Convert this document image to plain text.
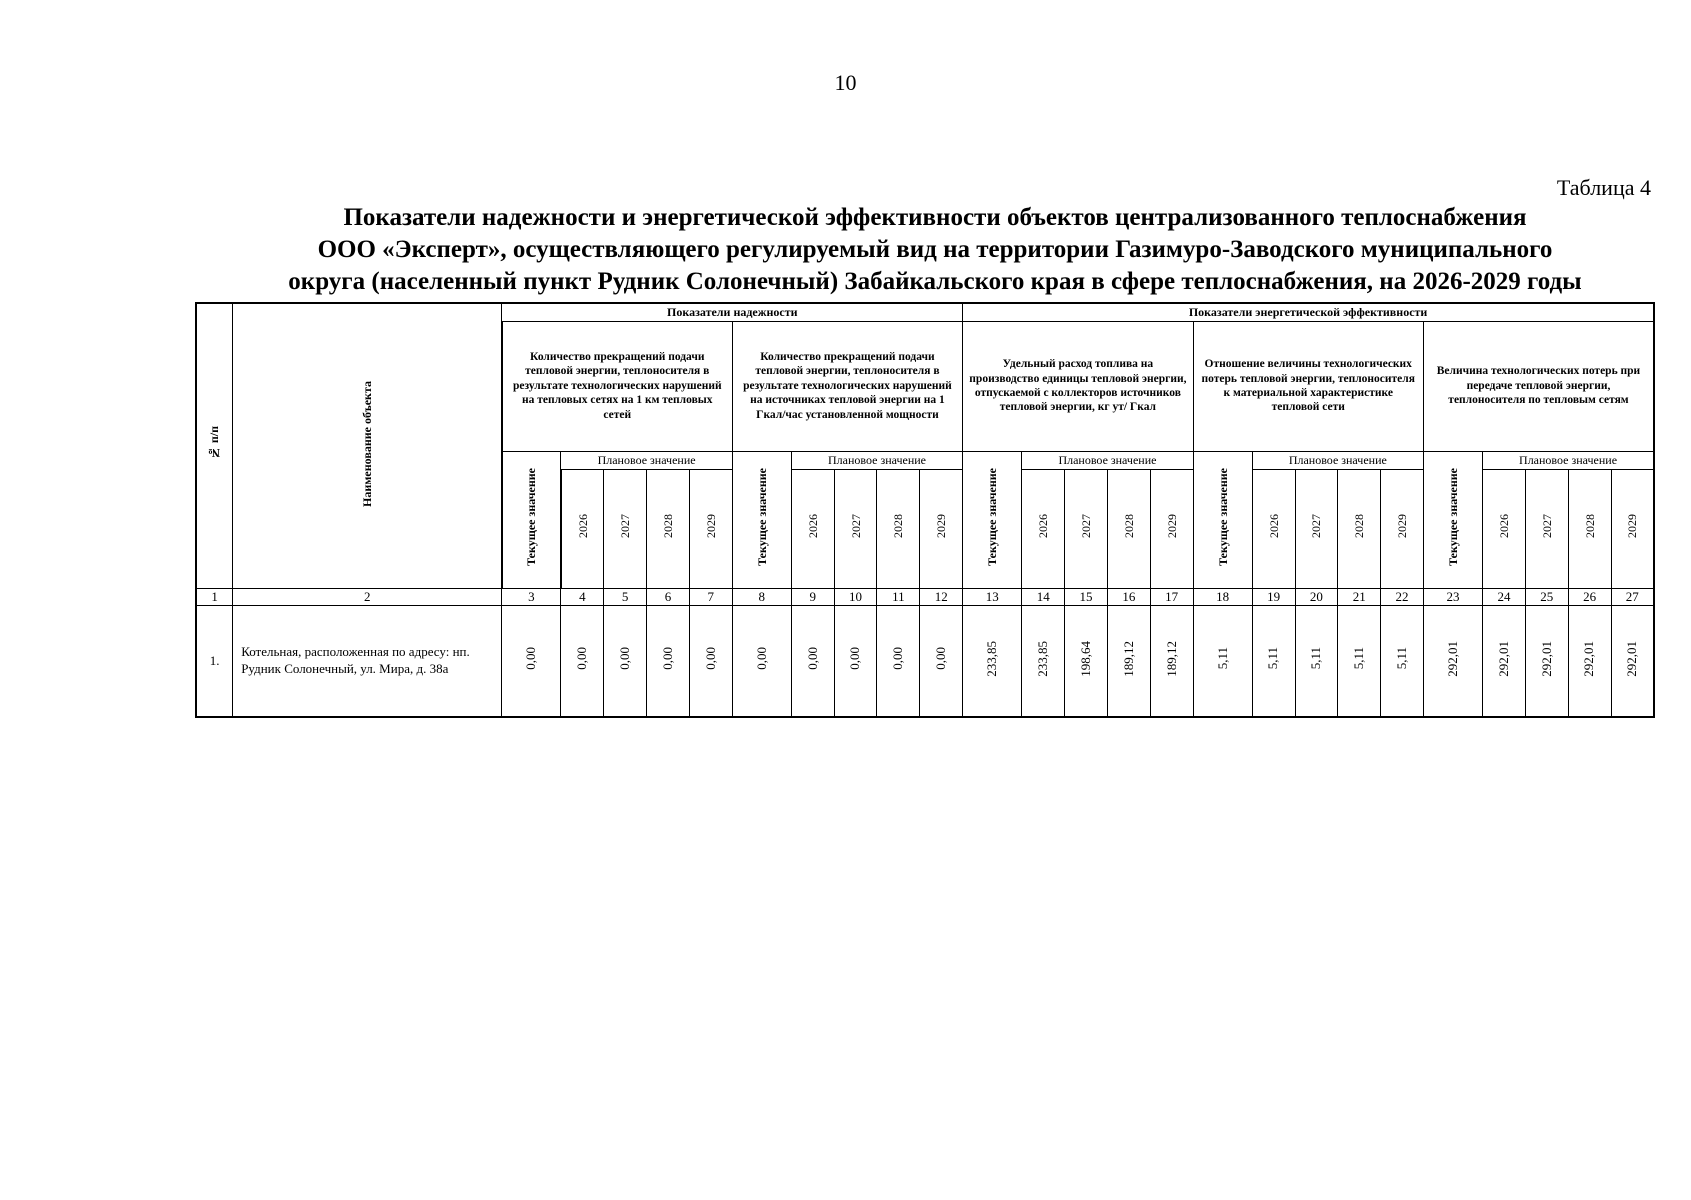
10
Таблица 4
Показатели надежности и энергетической эффективности объектов централизованного теплоснабжения
ООО «Эксперт», осуществляющего регулируемый вид на территории Газимуро-Заводского муниципального
округа (населенный пункт Рудник Солонечный) Забайкальского края в сфере теплоснабжения, на 2026-2029 годы
№ п/п	Наименование объекта	Показатели надежности										Показатели энергетической эффективности														
		Количество прекращений подачи тепловой энергии, теплоносителя в результате технологических нарушений на тепловых сетях на 1 км тепловых сетей					Количество прекращений подачи тепловой энергии, теплоносителя в результате технологических нарушений на источниках тепловой энергии на 1 Гкал/час установленной мощности					Удельный расход топлива на производство единицы тепловой энергии, отпускаемой с коллекторов источников тепловой энергии, кг ут/ Гкал					Отношение величины технологических потерь тепловой энергии, теплоносителя к материальной характеристике тепловой сети					Величина технологических потерь при передаче тепловой энергии, теплоносителя по тепловым сетям				
		Текущее значение	Плановое значение				Текущее значение	Плановое значение				Текущее значение	Плановое значение				Текущее значение	Плановое значение				Текущее значение	Плановое значение			
			2026	2027	2028	2029		2026	2027	2028	2029		2026	2027	2028	2029		2026	2027	2028	2029		2026	2027	2028	2029
1	2	3	4	5	6	7	8	9	10	11	12	13	14	15	16	17	18	19	20	21	22	23	24	25	26	27
1.	Котельная, расположенная по адресу: нп. Рудник Солонечный, ул. Мира, д. 38а	0,00	0,00	0,00	0,00	0,00	0,00	0,00	0,00	0,00	0,00	233,85	233,85	198,64	189,12	189,12	5,11	5,11	5,11	5,11	5,11	292,01	292,01	292,01	292,01	292,01
